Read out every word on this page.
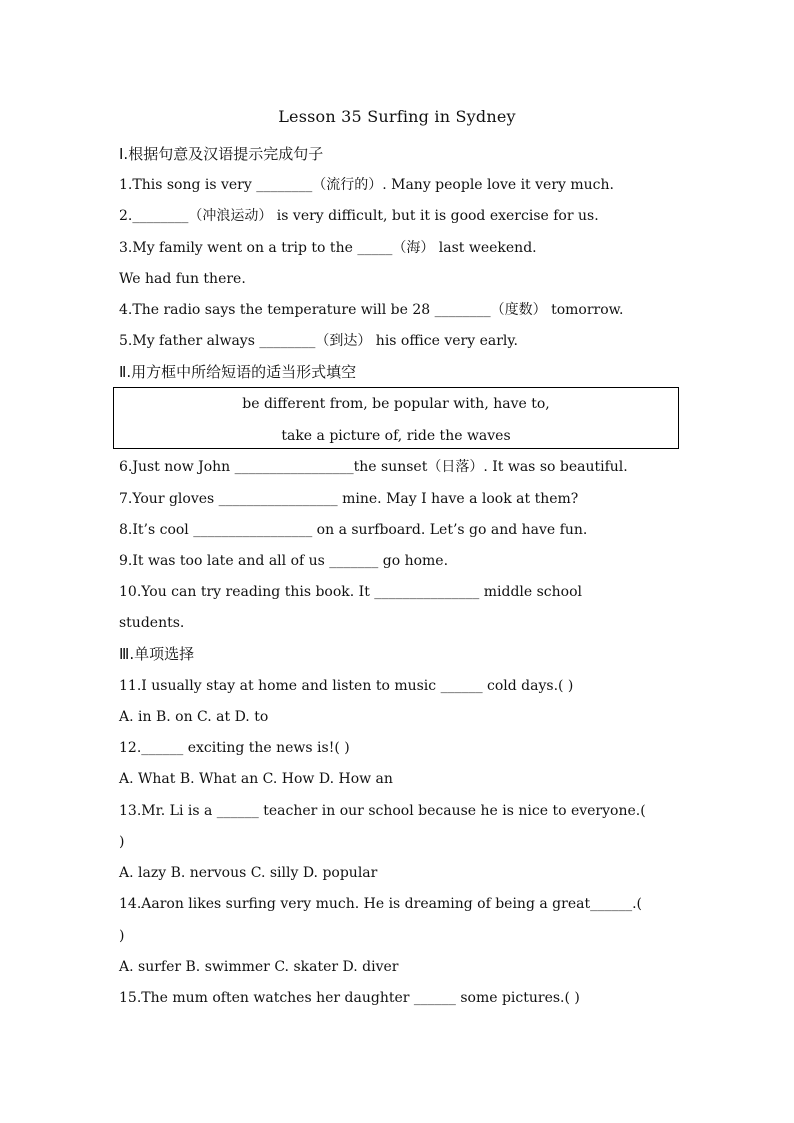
Lesson 35 Surfing in Sydney
Ⅰ.根据句意及汉语提示完成句子
1.This song is very ________（流行的）. Many people love it very much.
2.________（冲浪运动） is very difficult, but it is good exercise for us.
3.My family went on a trip to the _____（海） last weekend.
We had fun there.
4.The radio says the temperature will be 28 ________（度数） tomorrow.
5.My father always ________（到达） his office very early.
Ⅱ.用方框中所给短语的适当形式填空
be different from, be popular with, have to,
take a picture of, ride the waves
6.Just now John _________________the sunset（日落）. It was so beautiful.
7.Your gloves _________________ mine. May I have a look at them?
8.It’s cool _________________ on a surfboard. Let’s go and have fun.
9.It was too late and all of us _______ go home.
10.You can try reading this book. It _______________ middle school
students.
Ⅲ.单项选择
11.I usually stay at home and listen to music ______ cold days.( )
A. in B. on C. at D. to
12.______ exciting the news is!( )
A. What B. What an C. How D. How an
13.Mr. Li is a ______ teacher in our school because he is nice to everyone.(
)
A. lazy B. nervous C. silly D. popular
14.Aaron likes surfing very much. He is dreaming of being a great______.(
)
A. surfer B. swimmer C. skater D. diver
15.The mum often watches her daughter ______ some pictures.( )
